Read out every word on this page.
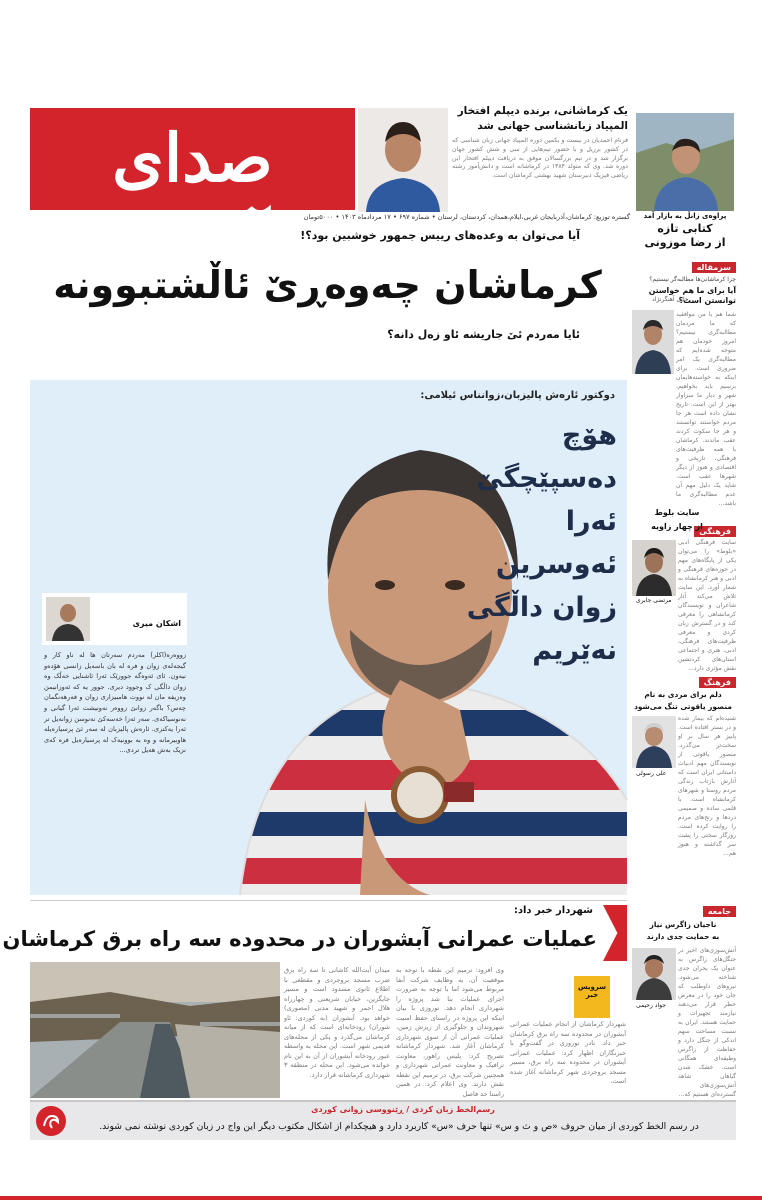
صدای آزادی	گستره توزیع: کرماشان،آذربایجان غربی،ایلام،همدان، کردستان، لرستان • شماره ۶۹۷ • ۱۷ مردادماه ۱۴۰۳ • ۵۰۰۰تومان
یک کرماشانی، برنده دیپلم افتخار
المپیاد زبانشناسی جهانی شد
فرنام احمدیان در بیست و یکمین دوره المپیاد جهانی زبان شناسی که در کشور برزیل و با حضور تیم‌هایی از سی و شش کشور جهان برگزار شد و در تیم بزرگسالان موفق به دریافت دیپلم افتخار این دوره شد. وی که متولد ۱۳۸۴ در کرماشانه است و دانش‌آموز رشته ریاضی فیزیک دبیرستان شهید بهشتی کرماشان است.
پراوه‌ی زانڵ به بازار آمد
کتابی تازه
از رضا موزونی
آیا می‌توان به وعده‌های رییس جمهور خوشبین بود؟!
کرماشان چەوەڕێ ئاڵشتبوونە
ئایا مەردم ئێ جاریشە ئاو زەل دانە؟
دوکتور ئارەش پالیزبان،زوانناس ئیلامی:
هۆچ دەسپێچگێ
ئەرا ئەوسرین
زوان داڵگی
نەێریم
اشکان میری
زووەرە(اکلر) مەردم سەرتان ها لە ناو کار و گیجەلەی زوان و فرە لە بان باسەیل زانسی هۆدەو نیەون. ئای ئەوەگە جوورێک ئەرا ئاشنایی خەڵک وە زوان داڵگی ک وجوود دیری. جوور یە کە ئەوزانیمن وەزیفە مان لە نووت هامبیزاری زوان و فەرهەنگمان چەس؟ باگەر زوانێ زووەر نەونیشت ئەرا گیانی و نەنوسیاکەی. سەر ئەزا خەسەکێ نەنوسن زوانەیل تر ئەرا یەکتری. ئارەش پالیزبان لە سەر ئێ پرسیارەیلە هاوبیرمانە و وە بە بوونیەک لە پرسیارەیل فرە کەی نزیک بەش هەیل تردی...
سرمقاله
چرا کرماشانی‌ها مطالبه‌گر نیستیم؟
آیا برای ما هم خواستن توانستن است؟
جلیل آهنگرنژاد
شما هم با من موافقید که ما مردمان مطالبه‌گری نیستیم؟ امروز خودمان هم متوجه شده‌ایم که مطالبه‌گری یک امر ضروری است. برای اینکه به خواسته‌هایمان برسیم باید بخواهیم. شهر و دیار ما سزاوار بهتر از این است. تاریخ نشان داده است هر جا مردم خواستند توانستند و هر جا سکوت کردند عقب ماندند. کرماشان با همه ظرفیت‌های فرهنگی، تاریخی و اقتصادی و هنوز از دیگر شهرها عقب است. شاید یک دلیل مهم آن عدم مطالبه‌گری ما باشد...
فرهنگی
سایت بلوط
از چهار زاویه
مرتضی جابری
سایت فرهنگی ادبی «بلوط» را می‌توان یکی از پایگاه‌های مهم در حوزه‌های فرهنگی و ادبی و هنر کرمانشاه به شمار آورد. این سایت تلاش می‌کند آثار شاعران و نویسندگان کرمانشاهی را معرفی کند و در گسترش زبان کردی و معرفی ظرفیت‌های فرهنگی، ادبی، هنری و اجتماعی استان‌های کردنشین نقش مؤثری دارد...
فرهنگ
دلم برای مردی به نام
منصور یاقوتی تنگ می‌شود
علی رسولی
شنیده‌ام که بیمار شده و در بستر افتاده است. پاییز هر سال بر او سخت‌تر می‌گذرد. منصور یاقوتی از نویسندگان مهم ادبیات داستانی ایران است که آثارش بازتاب زندگی مردم روستا و شهرهای کرمانشاه است. با قلمی ساده و صمیمی دردها و رنج‌های مردم را روایت کرده است. روزگار سختی را پشت سر گذاشته و هنوز هم...
جامعه
ناجیان زاگرس نیاز
به حمایت جدی دارند
جواد رحیمی
آتش‌سوزی‌های اخیر در جنگل‌های زاگرس به عنوان یک بحران جدی شناخته می‌شود. نیروهای داوطلب که جان خود را در معرض خطر قرار می‌دهند نیازمند تجهیزات و حمایت هستند. ایران به نسبت مساحت سهم اندکی از جنگل دارد و حفاظت از زاگرس وظیفه‌ای همگانی است. خشک شدن گیاهان شاهد آتش‌سوزی‌های گسترده‌ای هستیم که...
شهردار خبر داد:
عملیات عمرانی آبشوران در محدوده سه راه برق کرماشان
میدان آیت‌الله کاشانی تا سه راه برق ضرب مسجد بروجردی و مقطعی با اطلاع ثانوی مسدود است و مسیر جایگزین، خیابان شریعتی و چهارراه هلال احمر و شهید مدنی (مصوری) خواهد بود. آبشوران (به کوردی: ئاو شوران) رودخانه‌ای است که از میانه کرماشان می‌گذرد و یکی از محله‌های قدیمی شهر است. این محله به واسطه عبور رودخانه آبشوران از آن به این نام خوانده می‌شود. این محله در منطقه ۳ شهرداری کرماشانه قرار دارد.
وی افزود: ترمیم این نقطه با توجه به موقعیت آن، به وظایف شرکت آبفا مربوط می‌شود اما با توجه به ضرورت اجرای عملیات بنا شد پروژه را شهرداری انجام دهد. نوروزی با بیان اینکه این پروژه در راستای حفظ امنیت شهروندان و جلوگیری از ریزش زمین، عملیات عمرانی آن از سوی شهرداری کرماشان آغاز شد. شهردار کرماشانه تصریح کرد: پلیس راهور، معاونت ترافیک و معاونت عمرانی شهرداری و همچنین شرکت برق، در ترمیم این نقطه نقش دارند. وی اعلام کرد: در همین راستا حد فاصل
سرویس
خبر
شهردار کرماشان از انجام عملیات عمرانی آبشوران در محدوده سه راه برق کرماشان خبر داد. نادر نوروزی در گفت‌وگو با خبرنگاران اظهار کرد: عملیات عمرانی آبشوران در محدوده سه راه برق، مسیر مسجد بروجردی شهر کرماشانه آغاز شده است.
رسم‌الخط زبان کردی / ڕێنووسی زوانی کوردی
در رسم الخط کوردی از میان حروف «ص و ث و س» تنها حرف «س» کاربرد دارد و هیچکدام از اشکال مکتوب دیگر این واج در زبان کوردی نوشته نمی شوند.
